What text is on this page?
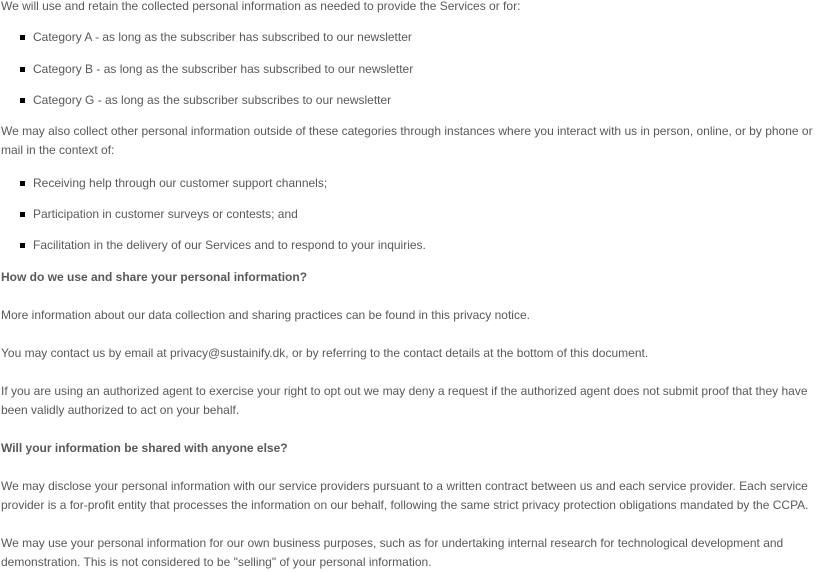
We will use and retain the collected personal information as needed to provide the Services or for:

Category A - as long as the subscriber has subscribed to our newsletter

Category B - as long as the subscriber has subscribed to our newsletter

Category G - as long as the subscriber subscribes to our newsletter

We may also collect other personal information outside of these categories through instances where you interact with us in person, online, or by phone or mail in the context of:

Receiving help through our customer support channels;

Participation in customer surveys or contests; and

Facilitation in the delivery of our Services and to respond to your inquiries.

How do we use and share your personal information?

More information about our data collection and sharing practices can be found in this privacy notice.

You may contact us by email at privacy@sustainify.dk, or by referring to the contact details at the bottom of this document.

If you are using an authorized agent to exercise your right to opt out we may deny a request if the authorized agent does not submit proof that they have been validly authorized to act on your behalf.

Will your information be shared with anyone else?

We may disclose your personal information with our service providers pursuant to a written contract between us and each service provider. Each service provider is a for-profit entity that processes the information on our behalf, following the same strict privacy protection obligations mandated by the CCPA.

We may use your personal information for our own business purposes, such as for undertaking internal research for technological development and demonstration. This is not considered to be "selling" of your personal information.
